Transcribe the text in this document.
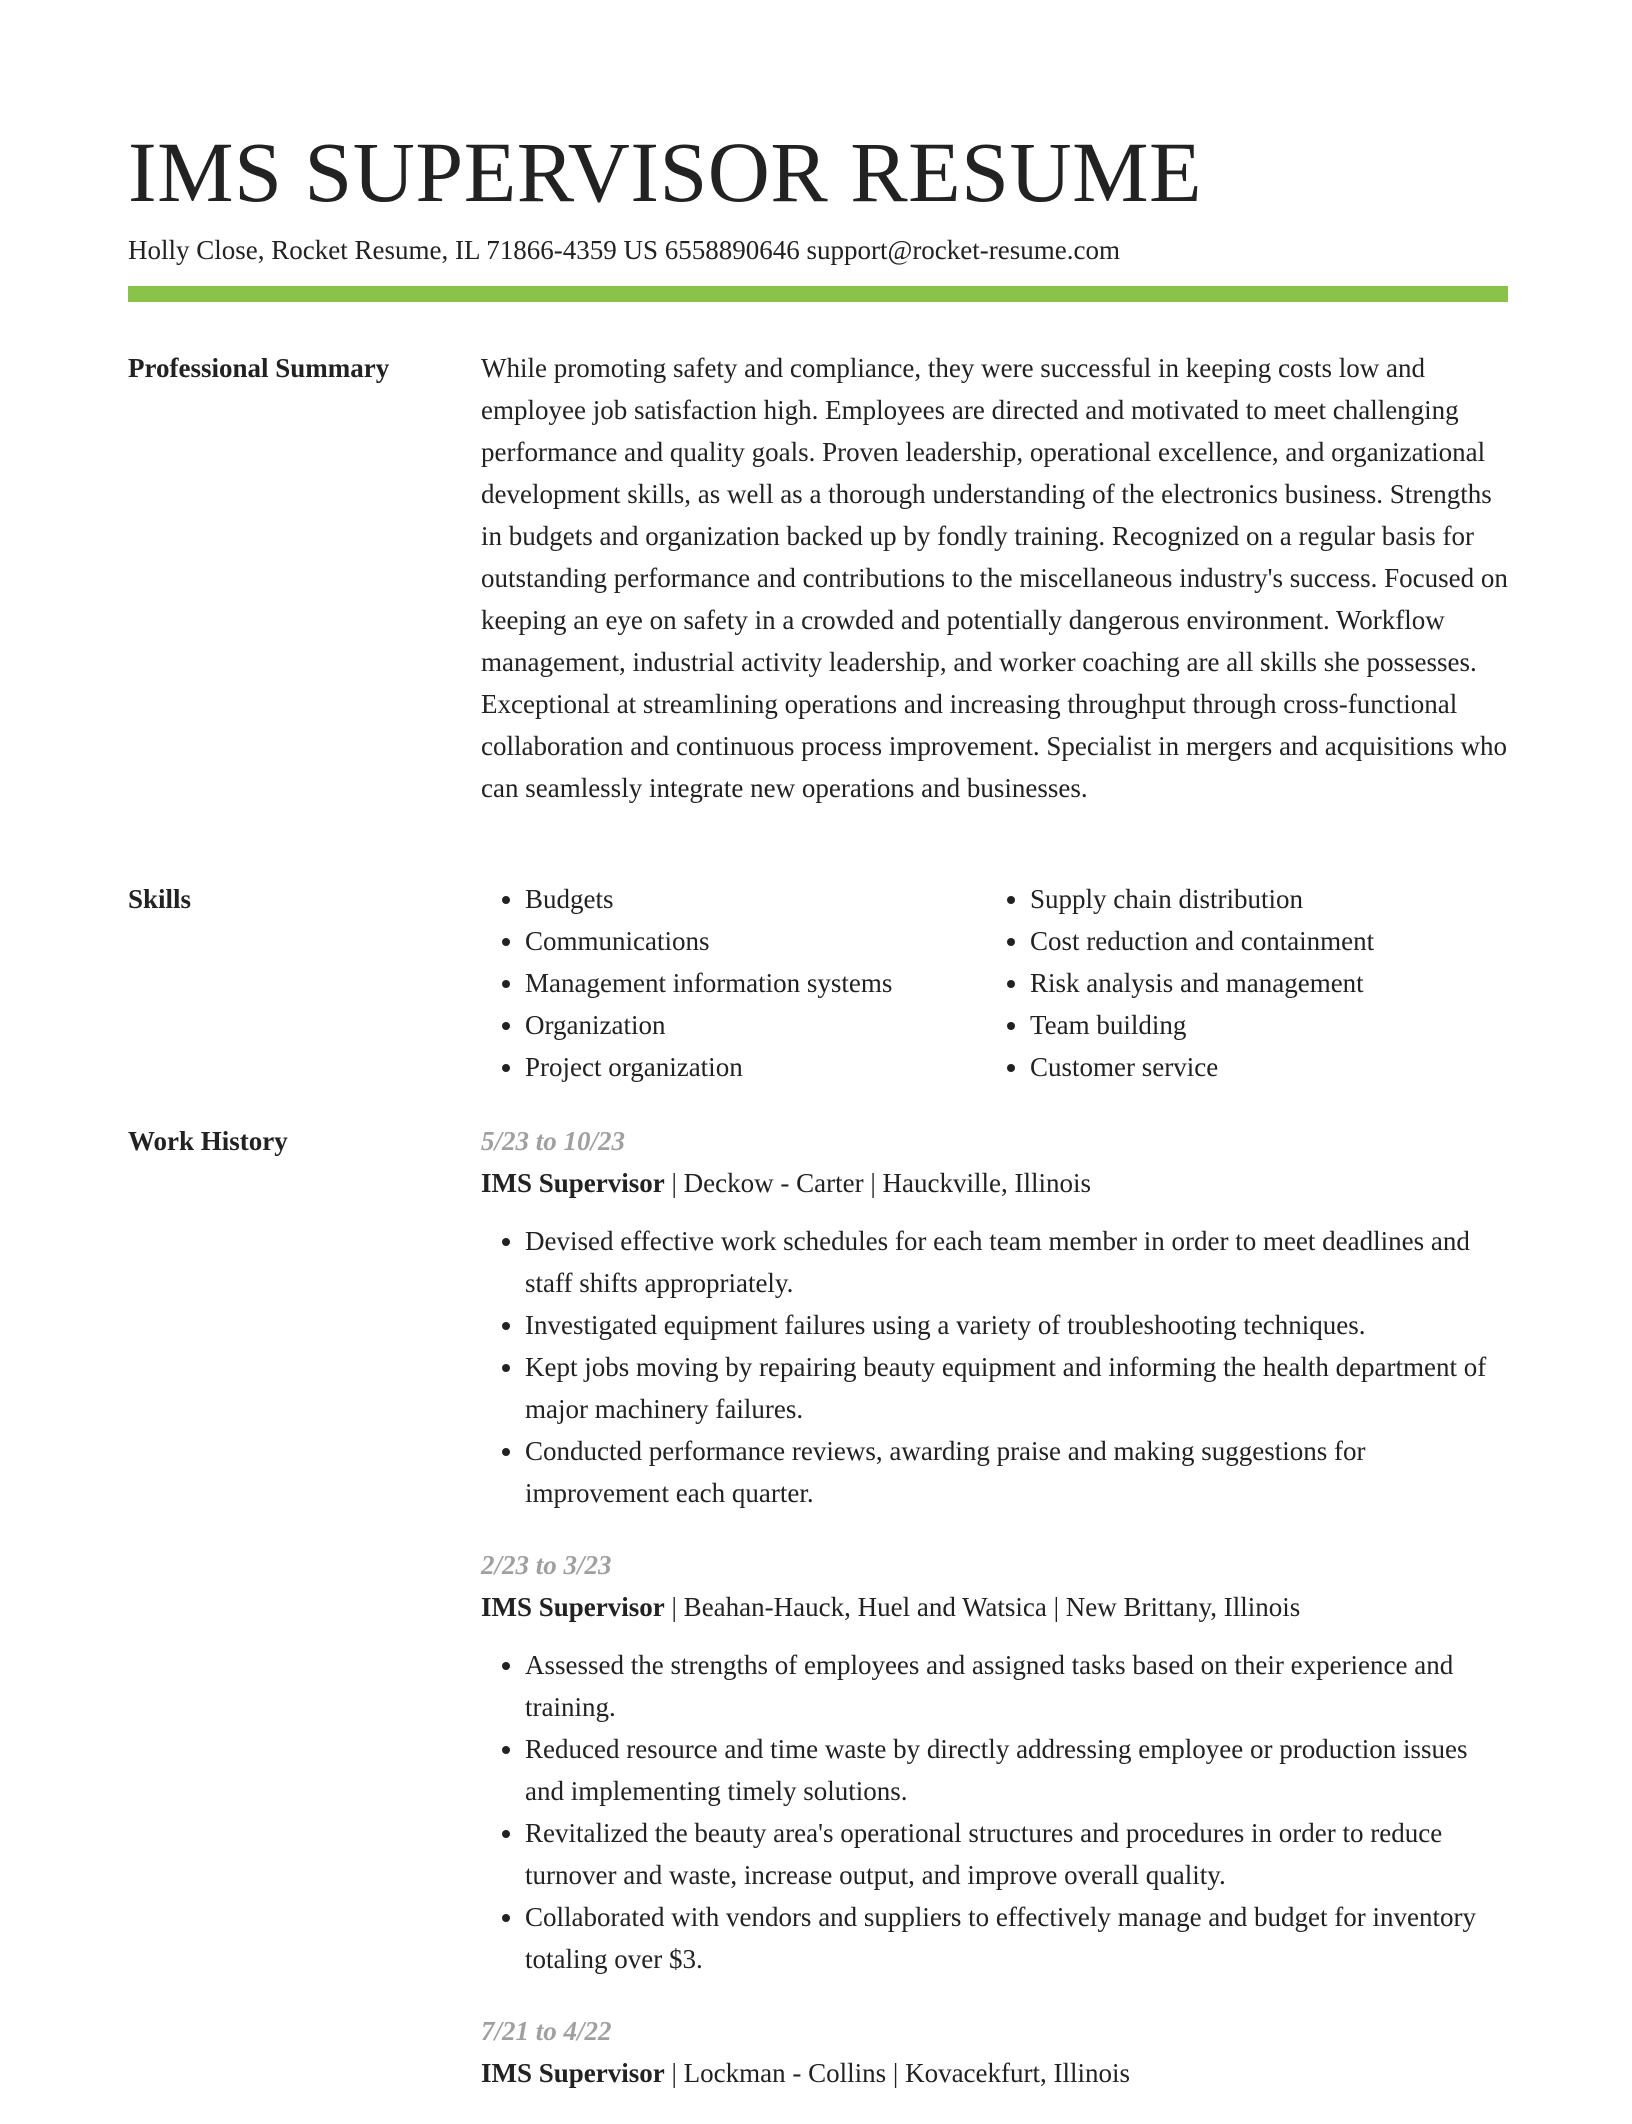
IMS SUPERVISOR RESUME
Holly Close, Rocket Resume, IL 71866-4359 US 6558890646 support@rocket-resume.com
Professional Summary	While promoting safety and compliance, they were successful in keeping costs low and employee job satisfaction high. Employees are directed and motivated to meet challenging performance and quality goals. Proven leadership, operational excellence, and organizational development skills, as well as a thorough understanding of the electronics business. Strengths in budgets and organization backed up by fondly training. Recognized on a regular basis for outstanding performance and contributions to the miscellaneous industry's success. Focused on keeping an eye on safety in a crowded and potentially dangerous environment. Workflow management, industrial activity leadership, and worker coaching are all skills she possesses. Exceptional at streamlining operations and increasing throughput through cross-functional collaboration and continuous process improvement. Specialist in mergers and acquisitions who can seamlessly integrate new operations and businesses.

Skills
•	Budgets
• Communications
• Management information systems
• Organization
• Project organization
• Supply chain distribution
• Cost reduction and containment
• Risk analysis and management
• Team building
• Customer service
Work History	5/23 to 10/23
IMS Supervisor | Deckow - Carter | Hauckville, Illinois
• Devised effective work schedules for each team member in order to meet deadlines and staff shifts appropriately.
• Investigated equipment failures using a variety of troubleshooting techniques.
• Kept jobs moving by repairing beauty equipment and informing the health department of major machinery failures.
• Conducted performance reviews, awarding praise and making suggestions for improvement each quarter.
2/23 to 3/23
IMS Supervisor | Beahan-Hauck, Huel and Watsica | New Brittany, Illinois
• Assessed the strengths of employees and assigned tasks based on their experience and training.
• Reduced resource and time waste by directly addressing employee or production issues and implementing timely solutions.
• Revitalized the beauty area's operational structures and procedures in order to reduce turnover and waste, increase output, and improve overall quality.
• Collaborated with vendors and suppliers to effectively manage and budget for inventory totaling over $3.
7/21 to 4/22
IMS Supervisor | Lockman - Collins | Kovacekfurt, Illinois
